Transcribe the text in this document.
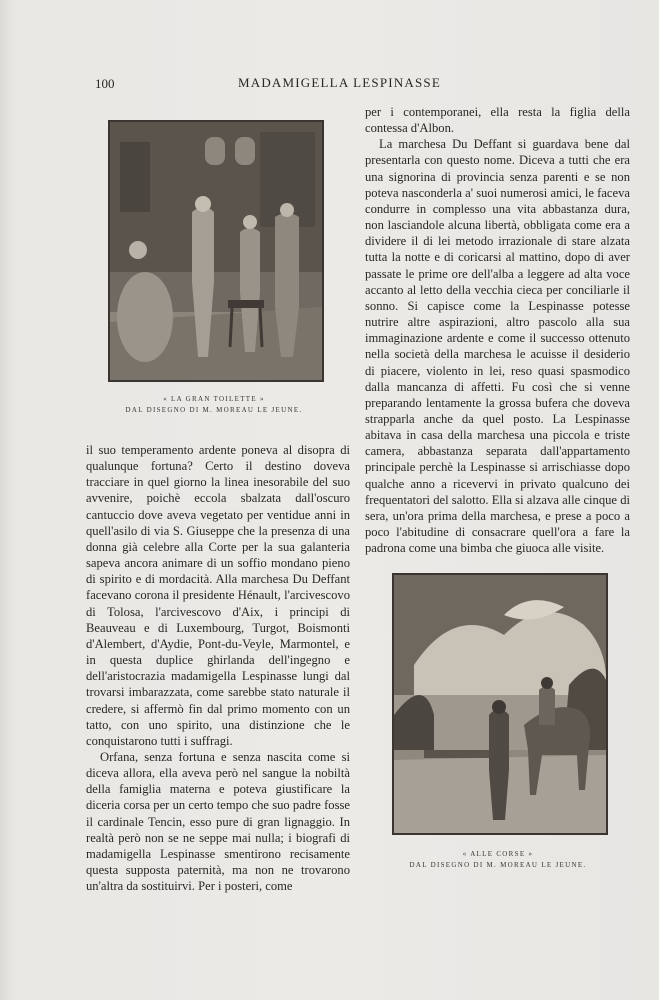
100	MADAMIGELLA LESPINASSE
« LA GRAN TOILETTE »
DAL DISEGNO DI M. MOREAU LE JEUNE.

il suo temperamento ardente poneva al disopra di qualunque fortuna? Certo il destino doveva tracciare in quel giorno la linea inesorabile del suo avvenire, poichè eccola sbalzata dall'oscuro cantuccio dove aveva vegetato per ventidue anni in quell'asilo di via S. Giuseppe che la presenza di una donna già celebre alla Corte per la sua galanteria sapeva ancora animare di un soffio mondano pieno di spirito e di mordacità. Alla marchesa Du Deffant facevano corona il presidente Hénault, l'arcivescovo di Tolosa, l'arcivescovo d'Aix, i principi di Beauveau e di Luxembourg, Turgot, Boismonti d'Alembert, d'Aydie, Pont-du-Veyle, Marmontel, e in questa duplice ghirlanda dell'ingegno e dell'aristocrazia madamigella Lespinasse lungi dal trovarsi imbarazzata, come sarebbe stato naturale il credere, si affermò fin dal primo momento con un tatto, con uno spirito, una distinzione che le conquistarono tutti i suffragi.

Orfana, senza fortuna e senza nascita come si diceva allora, ella aveva però nel sangue la nobiltà della famiglia materna e poteva giustificare la diceria corsa per un certo tempo che suo padre fosse il cardinale Tencin, esso pure di gran lignaggio. In realtà però non se ne seppe mai nulla; i biografi di madamigella Lespinasse smentirono recisamente questa supposta paternità, ma non ne trovarono un'altra da sostituirvi. Per i posteri, come

per i contemporanei, ella resta la figlia della contessa d'Albon.

La marchesa Du Deffant si guardava bene dal presentarla con questo nome. Diceva a tutti che era una signorina di provincia senza parenti e se non poteva nasconderla a' suoi numerosi amici, le faceva condurre in complesso una vita abbastanza dura, non lasciandole alcuna libertà, obbligata come era a dividere il di lei metodo irrazionale di stare alzata tutta la notte e di coricarsi al mattino, dopo di aver passate le prime ore dell'alba a leggere ad alta voce accanto al letto della vecchia cieca per conciliarle il sonno. Si capisce come la Lespinasse potesse nutrire altre aspirazioni, altro pascolo alla sua immaginazione ardente e come il successo ottenuto nella società della marchesa le acuisse il desiderio di piacere, violento in lei, reso quasi spasmodico dalla mancanza di affetti. Fu così che si venne preparando lentamente la grossa bufera che doveva strapparla anche da quel posto. La Lespinasse abitava in casa della marchesa una piccola e triste camera, abbastanza separata dall'appartamento principale perchè la Lespinasse si arrischiasse dopo qualche anno a ricevervi in privato qualcuno dei frequentatori del salotto. Ella si alzava alle cinque di sera, un'ora prima della marchesa, e prese a poco a poco l'abitudine di consacrare quell'ora a fare la padrona come una bimba che giuoca alle visite.

« ALLE CORSE »
DAL DISEGNO DI M. MOREAU LE JEUNE.
